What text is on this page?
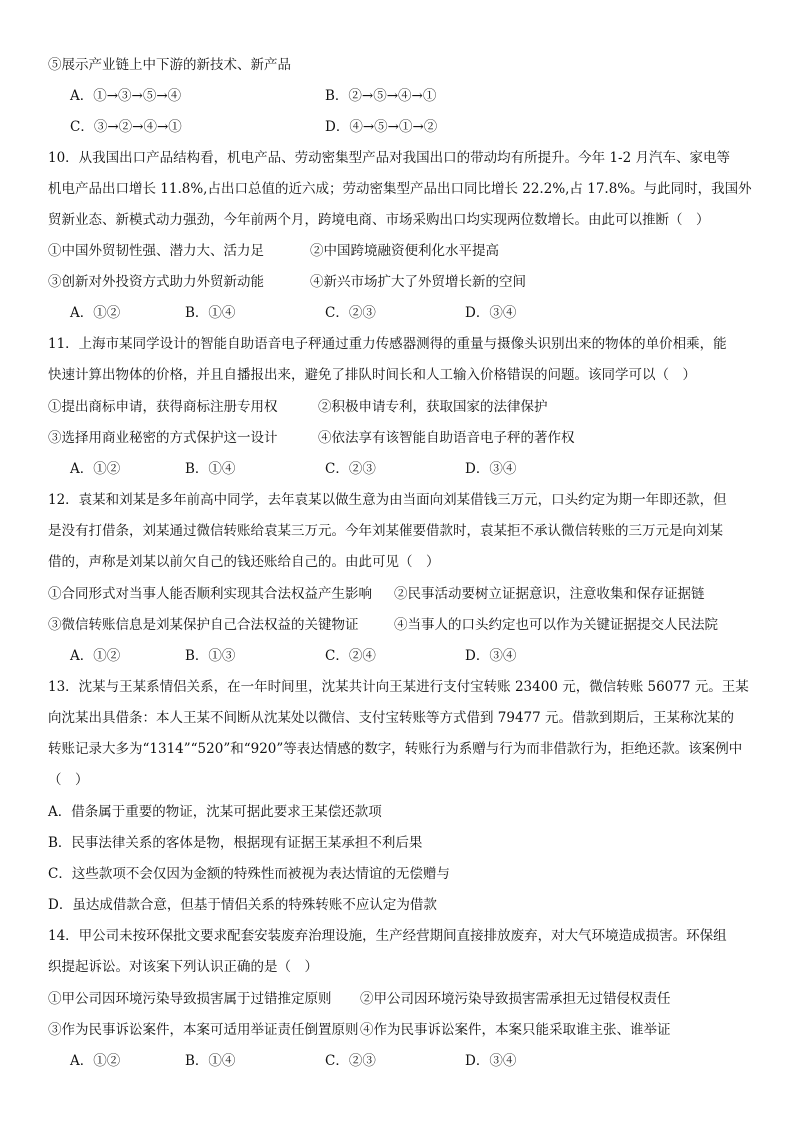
⑤展示产业链上中下游的新技术、新产品
A．①→③→⑤→④	B．②→⑤→④→①
C．③→②→④→①	D．④→⑤→①→②
10．从我国出口产品结构看，机电产品、劳动密集型产品对我国出口的带动均有所提升。今年 1-2 月汽车、家电等
机电产品出口增长 11.8%,占出口总值的近六成；劳动密集型产品出口同比增长 22.2%,占 17.8%。与此同时，我国外
贸新业态、新模式动力强劲，今年前两个月，跨境电商、市场采购出口均实现两位数增长。由此可以推断（　）
①中国外贸韧性强、潜力大、活力足	②中国跨境融资便利化水平提高
③创新对外投资方式助力外贸新动能	④新兴市场扩大了外贸增长新的空间
A．①②	B．①④	C．②③	D．③④
11．上海市某同学设计的智能自助语音电子秤通过重力传感器测得的重量与摄像头识别出来的物体的单价相乘，能
快速计算出物体的价格，并且自播报出来，避免了排队时间长和人工输入价格错误的问题。该同学可以（　）
①提出商标申请，获得商标注册专用权	②积极申请专利，获取国家的法律保护
③选择用商业秘密的方式保护这一设计	④依法享有该智能自助语音电子秤的著作权
A．①②	B．①④	C．②③	D．③④
12．袁某和刘某是多年前高中同学，去年袁某以做生意为由当面向刘某借钱三万元，口头约定为期一年即还款，但
是没有打借条，刘某通过微信转账给袁某三万元。今年刘某催要借款时，袁某拒不承认微信转账的三万元是向刘某
借的，声称是刘某以前欠自己的钱还账给自己的。由此可见（　）
①合同形式对当事人能否顺利实现其合法权益产生影响 ②民事活动要树立证据意识，注意收集和保存证据链
③微信转账信息是刘某保护自己合法权益的关键物证	④当事人的口头约定也可以作为关键证据提交人民法院
A．①②	B．①③	C．②④	D．③④
13．沈某与王某系情侣关系，在一年时间里，沈某共计向王某进行支付宝转账 23400 元，微信转账 56077 元。王某
向沈某出具借条：本人王某不间断从沈某处以微信、支付宝转账等方式借到 79477 元。借款到期后，王某称沈某的
转账记录大多为“1314”“520”和“920”等表达情感的数字，转账行为系赠与行为而非借款行为，拒绝还款。该案例中
（　）
A．借条属于重要的物证，沈某可据此要求王某偿还款项
B．民事法律关系的客体是物，根据现有证据王某承担不利后果
C．这些款项不会仅因为金额的特殊性而被视为表达情谊的无偿赠与
D．虽达成借款合意，但基于情侣关系的特殊转账不应认定为借款
14．甲公司未按环保批文要求配套安装废弃治理设施，生产经营期间直接排放废弃，对大气环境造成损害。环保组
织提起诉讼。对该案下列认识正确的是（　）
①甲公司因环境污染导致损害属于过错推定原则 ②甲公司因环境污染导致损害需承担无过错侵权责任
③作为民事诉讼案件，本案可适用举证责任倒置原则 ④作为民事诉讼案件，本案只能采取谁主张、谁举证
A．①②	B．①④	C．②③	D．③④
